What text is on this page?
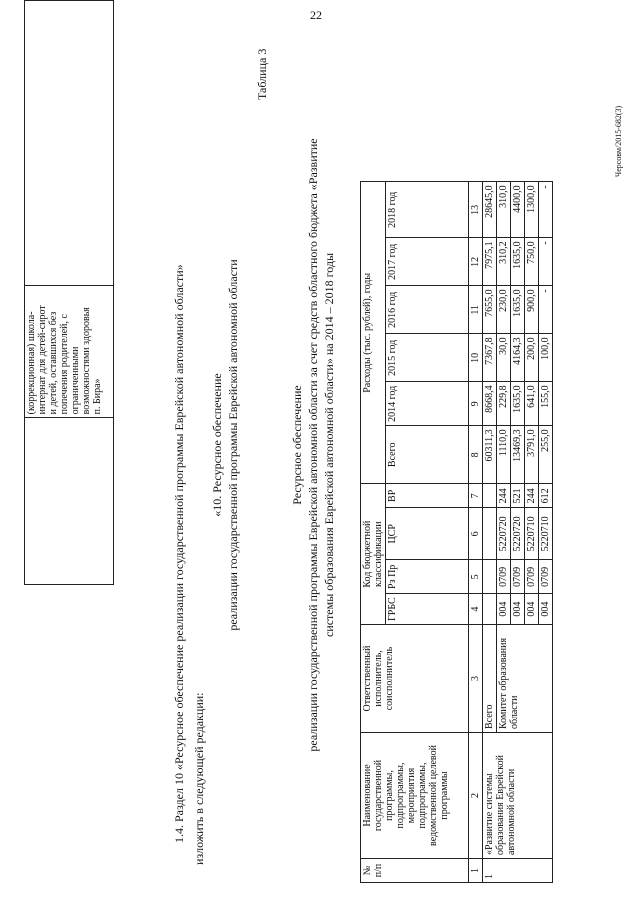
22

(коррекционная) школа- интернат для детей-сирот и детей, оставшихся без попечения родителей, с ограниченными возможностями здоровья п. Бира»
		1.4. Раздел 10 «Ресурсное обеспечение реализации государственной программы Еврейской автономной области» изложить в следующей редакции:
«10. Ресурсное обеспечение реализации государственной программы Еврейской автономной области
Таблица 3
Ресурсное обеспечение реализации государственной программы Еврейской автономной области за счет средств областного бюджета «Развитие системы образования Еврейской автономной области» на 2014 – 2018 годы
№ п/п	Наименование государственной программы, подпрограммы, мероприятия подпрограммы, ведомственной целевой программы	Ответственный исполнитель, соисполнитель	Код бюджетной классификации				Расходы (тыс. рублей), годы					
			ГРБС	Рз Пр	ЦСР	ВР	Всего	2014 год	2015 год	2016 год	2017 год	2018 год
1	2	3	4	5	6	7	8	9	10	11	12	13
1	«Развитие системы образования Еврейской автономной области	Всего					60311,3	8668,4	7367,8	7655,0	7975,1	28645,0
		Комитет образования области	004	0709	5220720	244	1110,0	229,8	30,0	230,0	310,2	310,0
			004	0709	5220720	521	13469,3	1635,0	4164,3	1635,0	1635,0	4400,0
			004	0709	5220710	244	3791,0	641,0	200,0	900,0	750,0	1300,0
			004	0709	5220710	612	255,0	155,0	100,0	-	-	-
Черсовм/2015-682(3)
